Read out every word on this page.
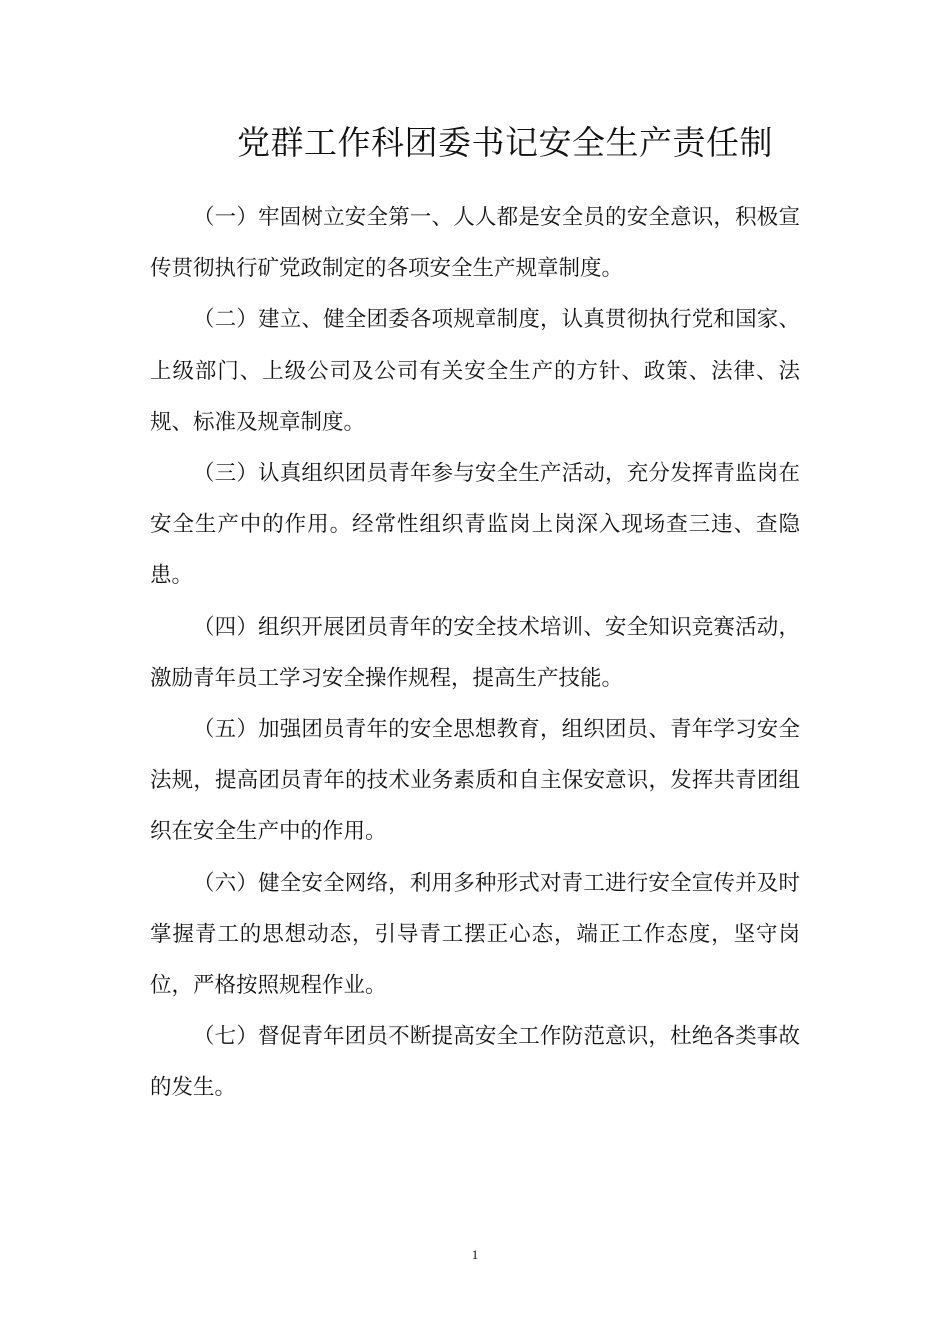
党群工作科团委书记安全生产责任制

（一）牢固树立安全第一、人人都是安全员的安全意识，积极宣传贯彻执行矿党政制定的各项安全生产规章制度。

（二）建立、健全团委各项规章制度，认真贯彻执行党和国家、上级部门、上级公司及公司有关安全生产的方针、政策、法律、法规、标准及规章制度。

（三）认真组织团员青年参与安全生产活动，充分发挥青监岗在安全生产中的作用。经常性组织青监岗上岗深入现场查三违、查隐患。

（四）组织开展团员青年的安全技术培训、安全知识竞赛活动，激励青年员工学习安全操作规程，提高生产技能。

（五）加强团员青年的安全思想教育，组织团员、青年学习安全法规，提高团员青年的技术业务素质和自主保安意识，发挥共青团组织在安全生产中的作用。

（六）健全安全网络，利用多种形式对青工进行安全宣传并及时掌握青工的思想动态，引导青工摆正心态，端正工作态度，坚守岗位，严格按照规程作业。

（七）督促青年团员不断提高安全工作防范意识，杜绝各类事故的发生。

1
